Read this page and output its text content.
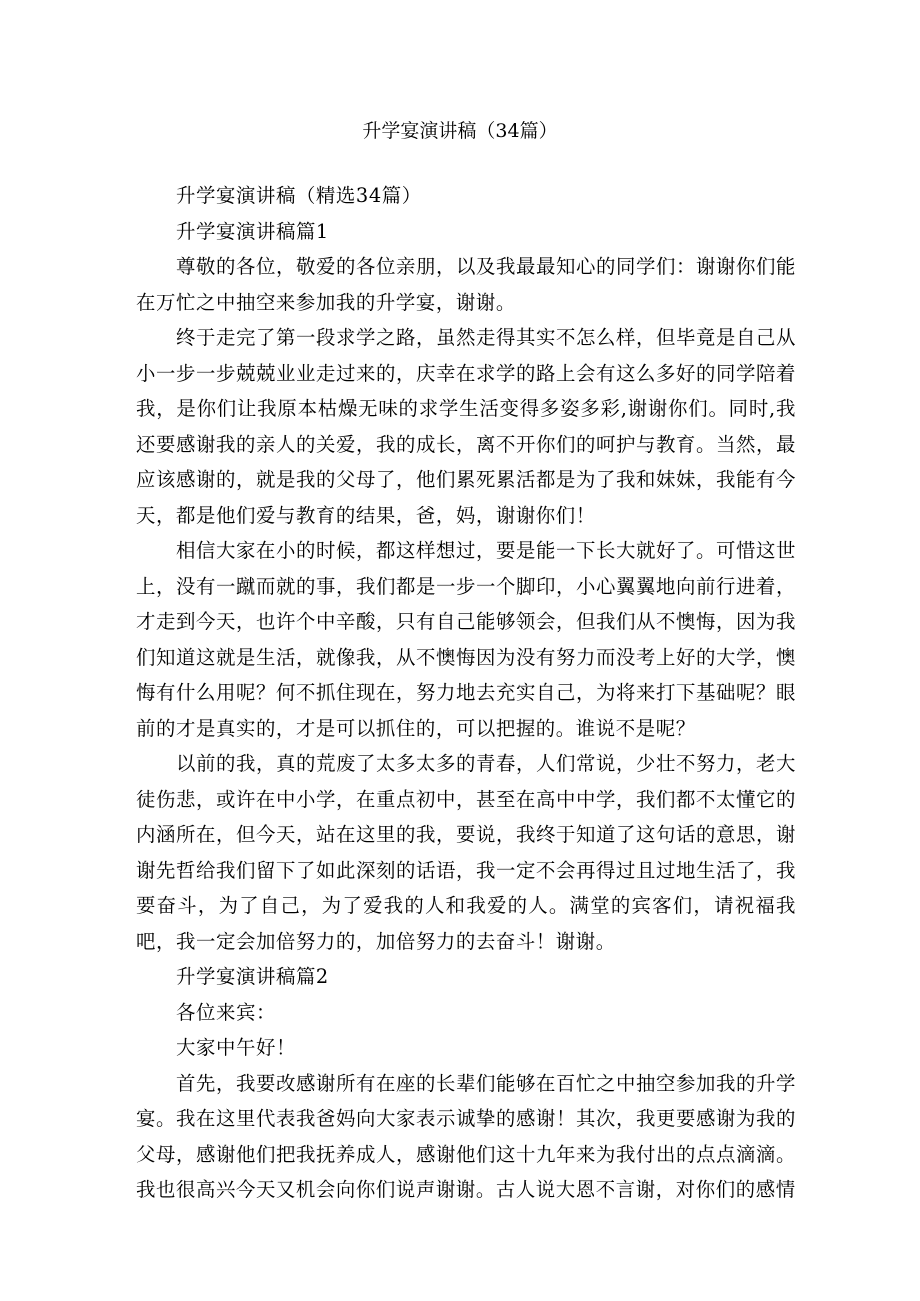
升学宴演讲稿（34篇）

升学宴演讲稿（精选34篇）

升学宴演讲稿篇1

尊敬的各位，敬爱的各位亲朋，以及我最最知心的同学们：谢谢你们能在万忙之中抽空来参加我的升学宴，谢谢。

终于走完了第一段求学之路，虽然走得其实不怎么样，但毕竟是自己从小一步一步兢兢业业走过来的，庆幸在求学的路上会有这么多好的同学陪着我，是你们让我原本枯燥无味的求学生活变得多姿多彩,谢谢你们。同时,我还要感谢我的亲人的关爱，我的成长，离不开你们的呵护与教育。当然，最应该感谢的，就是我的父母了，他们累死累活都是为了我和妹妹，我能有今天，都是他们爱与教育的结果，爸，妈，谢谢你们！

相信大家在小的时候，都这样想过，要是能一下长大就好了。可惜这世上，没有一蹴而就的事，我们都是一步一个脚印，小心翼翼地向前行进着，才走到今天，也许个中辛酸，只有自己能够领会，但我们从不懊悔，因为我们知道这就是生活，就像我，从不懊悔因为没有努力而没考上好的大学，懊悔有什么用呢？何不抓住现在，努力地去充实自己，为将来打下基础呢？眼前的才是真实的，才是可以抓住的，可以把握的。谁说不是呢？

以前的我，真的荒废了太多太多的青春，人们常说，少壮不努力，老大徒伤悲，或许在中小学，在重点初中，甚至在高中中学，我们都不太懂它的内涵所在，但今天，站在这里的我，要说，我终于知道了这句话的意思，谢谢先哲给我们留下了如此深刻的话语，我一定不会再得过且过地生活了，我要奋斗，为了自己，为了爱我的人和我爱的人。满堂的宾客们，请祝福我吧，我一定会加倍努力的，加倍努力的去奋斗！谢谢。

升学宴演讲稿篇2

各位来宾：

大家中午好！

首先，我要改感谢所有在座的长辈们能够在百忙之中抽空参加我的升学宴。我在这里代表我爸妈向大家表示诚挚的感谢！其次，我更要感谢为我的父母，感谢他们把我抚养成人，感谢他们这十九年来为我付出的点点滴滴。我也很高兴今天又机会向你们说声谢谢。古人说大恩不言谢，对你们的感情
